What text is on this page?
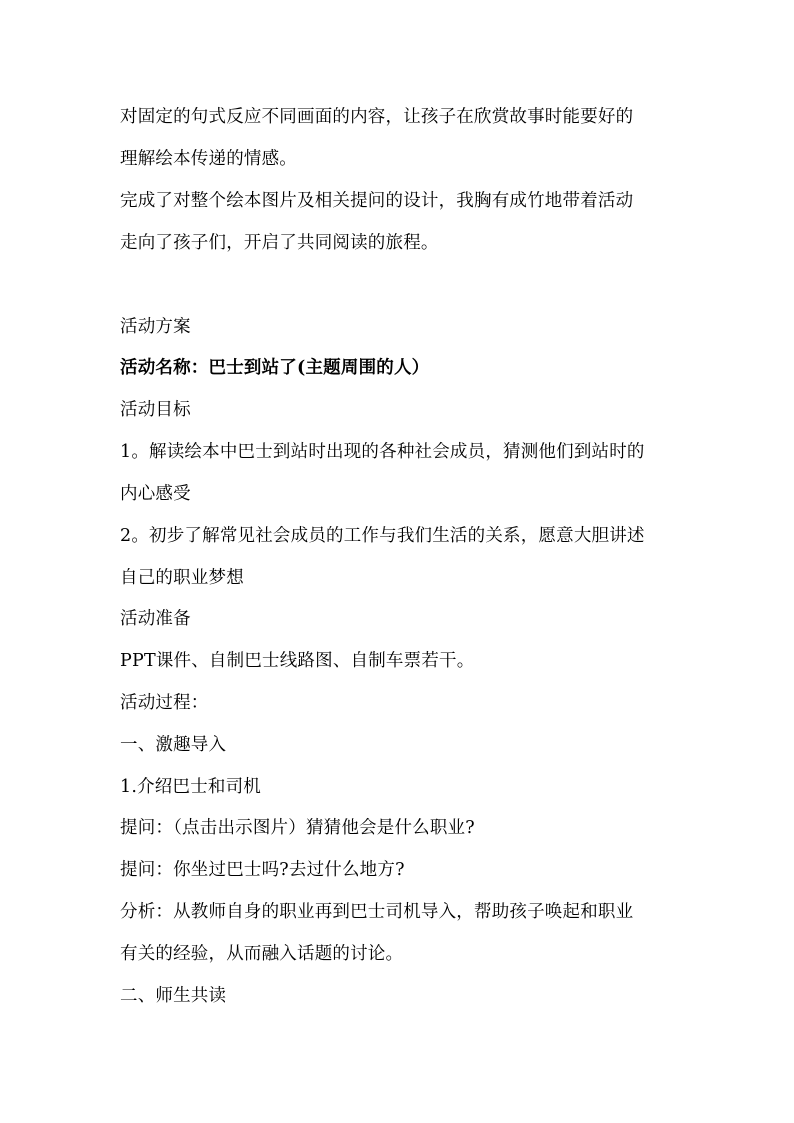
对固定的句式反应不同画面的内容，让孩子在欣赏故事时能要好的
理解绘本传递的情感。
完成了对整个绘本图片及相关提问的设计，我胸有成竹地带着活动
走向了孩子们，开启了共同阅读的旅程。
活动方案
活动名称：巴士到站了(主题周围的人）
活动目标
1。解读绘本中巴士到站时出现的各种社会成员，猜测他们到站时的
内心感受
2。初步了解常见社会成员的工作与我们生活的关系，愿意大胆讲述
自己的职业梦想
活动准备
PPT课件、自制巴士线路图、自制车票若干。
活动过程：
一、激趣导入
1.介绍巴士和司机
提问：（点击出示图片）猜猜他会是什么职业?
提问：你坐过巴士吗?去过什么地方?
分析：从教师自身的职业再到巴士司机导入，帮助孩子唤起和职业
有关的经验，从而融入话题的讨论。
二、师生共读
